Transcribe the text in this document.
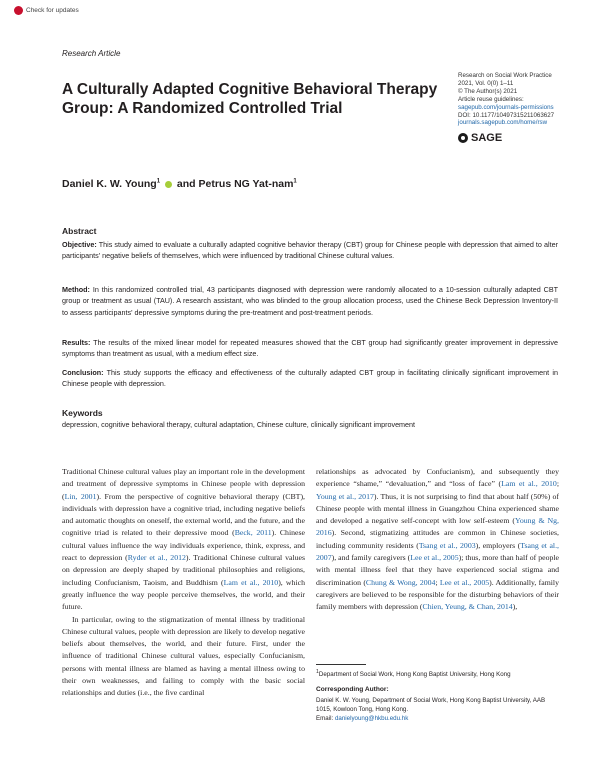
Check for updates
Research Article
A Culturally Adapted Cognitive Behavioral Therapy Group: A Randomized Controlled Trial
Research on Social Work Practice
2021, Vol. 0(0) 1–11
© The Author(s) 2021
Article reuse guidelines:
sagepub.com/journals-permissions
DOI: 10.1177/10497315211063627
journals.sagepub.com/home/rsw
SAGE
Daniel K. W. Young$^1$ and Petrus NG Yat-nam$^1$
Abstract
Objective: This study aimed to evaluate a culturally adapted cognitive behavior therapy (CBT) group for Chinese people with depression that aimed to alter participants' negative beliefs of themselves, which were influenced by traditional Chinese cultural values.
Method: In this randomized controlled trial, 43 participants diagnosed with depression were randomly allocated to a 10-session culturally adapted CBT group or treatment as usual (TAU). A research assistant, who was blinded to the group allocation process, used the Chinese Beck Depression Inventory-II to assess participants' depressive symptoms during the pre-treatment and post-treatment periods.
Results: The results of the mixed linear model for repeated measures showed that the CBT group had significantly greater improvement in depressive symptoms than treatment as usual, with a medium effect size.
Conclusion: This study supports the efficacy and effectiveness of the culturally adapted CBT group in facilitating clinically significant improvement in Chinese people with depression.
Keywords
depression, cognitive behavioral therapy, cultural adaptation, Chinese culture, clinically significant improvement

Traditional Chinese cultural values play an important role in the development and treatment of depressive symptoms in Chinese people with depression (Lin, 2001). From the perspective of cognitive behavioral therapy (CBT), individuals with depression have a cognitive triad, including negative beliefs and automatic thoughts on oneself, the external world, and the future, and the cognitive triad is related to their depressive mood (Beck, 2011). Chinese cultural values influence the way individuals experience, think, express, and react to depression (Ryder et al., 2012). Traditional Chinese cultural values on depression are deeply shaped by traditional philosophies and religions, including Confucianism, Taoism, and Buddhism (Lam et al., 2010), which greatly influence the way people perceive themselves, the world, and their future.

In particular, owing to the stigmatization of mental illness by traditional Chinese cultural values, people with depression are likely to develop negative beliefs about themselves, the world, and their future. First, under the influence of traditional Chinese cultural values, especially Confucianism, persons with mental illness are blamed as having a mental illness owing to their own weaknesses, and failing to comply with the basic social relationships and duties (i.e., the five cardinal

relationships as advocated by Confucianism), and subsequently they experience “shame,” “devaluation,” and “loss of face” (Lam et al., 2010; Young et al., 2017). Thus, it is not surprising to find that about half (50%) of Chinese people with mental illness in Guangzhou China experienced shame and developed a negative self-concept with low self-esteem (Young & Ng, 2016). Second, stigmatizing attitudes are common in Chinese societies, including community residents (Tsang et al., 2003), employers (Tsang et al., 2007), and family caregivers (Lee et al., 2005); thus, more than half of people with mental illness feel that they have experienced social stigma and discrimination (Chung & Wong, 2004; Lee et al., 2005). Additionally, family caregivers are believed to be responsible for the disturbing behaviors of their family members with depression (Chien, Yeung, & Chan, 2014),

$^1$Department of Social Work, Hong Kong Baptist University, Hong Kong
Corresponding Author:
Daniel K. W. Young, Department of Social Work, Hong Kong Baptist University, AAB 1015, Kowloon Tong, Hong Kong.
Email: danielyoung@hkbu.edu.hk
